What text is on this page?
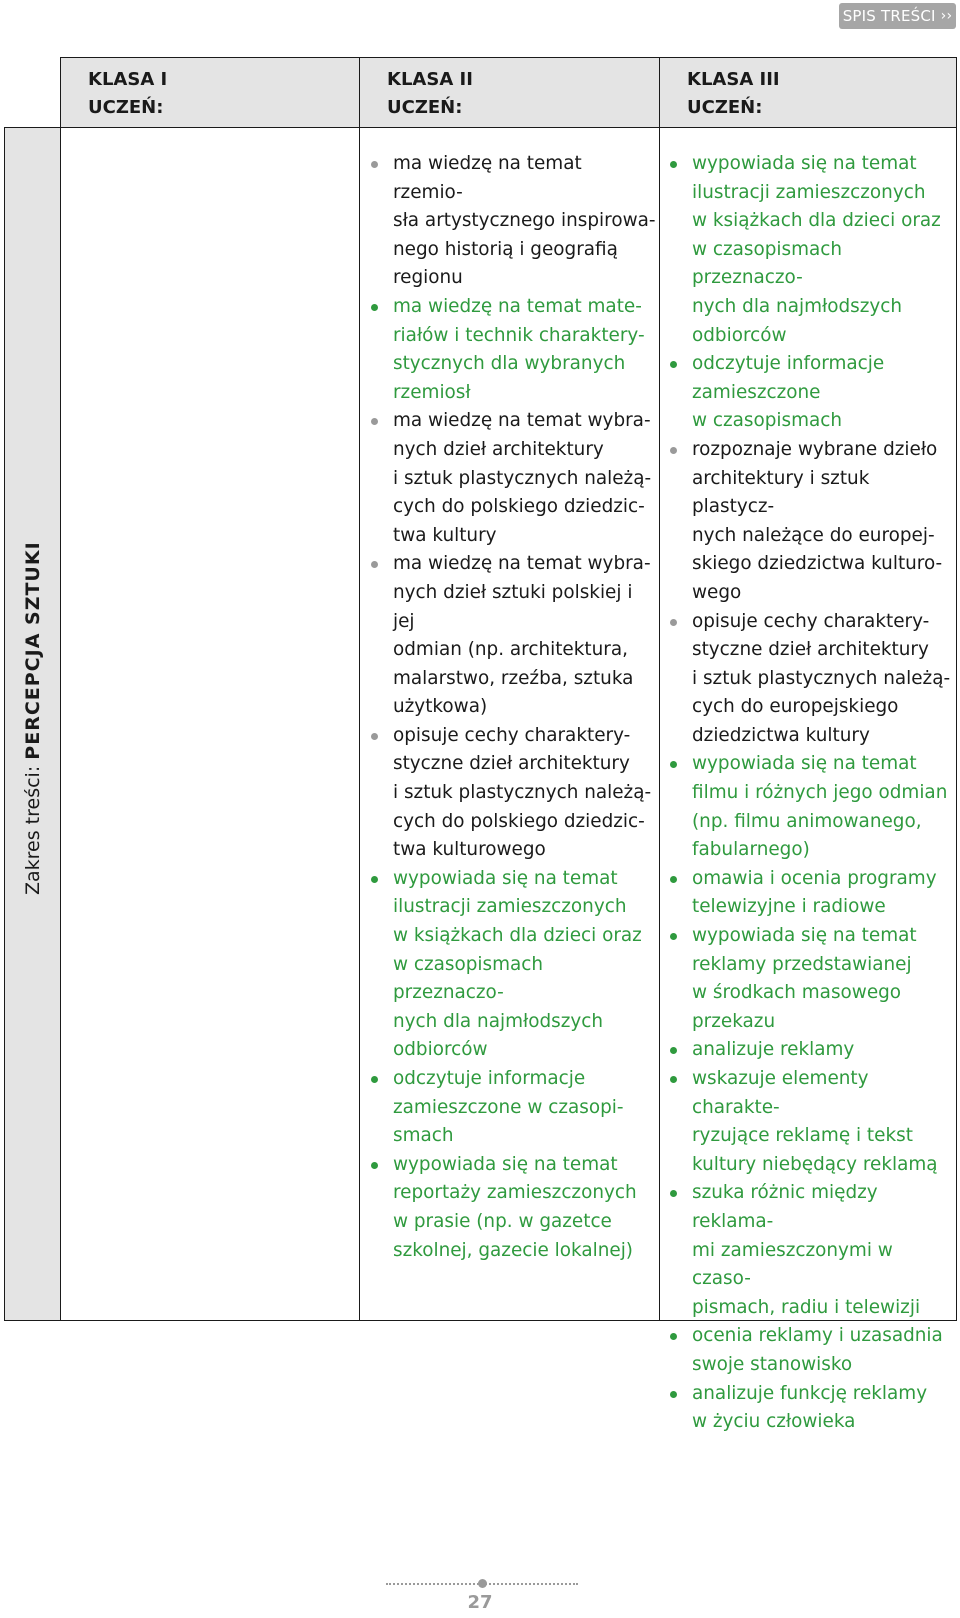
SPIS TREŚCI ››
KLASA I
UCZEŃ:
KLASA II
UCZEŃ:
KLASA III
UCZEŃ:
Zakres treści: PERCEPCJA SZTUKI
ma wiedzę na temat rzemio-
sła artystycznego inspirowa-
nego historią i geografią
regionu
ma wiedzę na temat mate-
riałów i technik charaktery-
stycznych dla wybranych
rzemiosł
ma wiedzę na temat wybra-
nych dzieł architektury
i sztuk plastycznych należą-
cych do polskiego dziedzic-
twa kultury
ma wiedzę na temat wybra-
nych dzieł sztuki polskiej i jej
odmian (np. architektura,
malarstwo, rzeźba, sztuka
użytkowa)
opisuje cechy charaktery-
styczne dzieł architektury
i sztuk plastycznych należą-
cych do polskiego dziedzic-
twa kulturowego
wypowiada się na temat
ilustracji zamieszczonych
w książkach dla dzieci oraz
w czasopismach przeznaczo-
nych dla najmłodszych
odbiorców
odczytuje informacje
zamieszczone w czasopi-
smach
wypowiada się na temat
reportaży zamieszczonych
w prasie (np. w gazetce
szkolnej, gazecie lokalnej)
wypowiada się na temat
ilustracji zamieszczonych
w książkach dla dzieci oraz
w czasopismach przeznaczo-
nych dla najmłodszych
odbiorców
odczytuje informacje
zamieszczone
w czasopismach
rozpoznaje wybrane dzieło
architektury i sztuk plastycz-
nych należące do europej-
skiego dziedzictwa kulturo-
wego
opisuje cechy charaktery-
styczne dzieł architektury
i sztuk plastycznych należą-
cych do europejskiego
dziedzictwa kultury
wypowiada się na temat
filmu i różnych jego odmian
(np. filmu animowanego,
fabularnego)
omawia i ocenia programy
telewizyjne i radiowe
wypowiada się na temat
reklamy przedstawianej
w środkach masowego
przekazu
analizuje reklamy
wskazuje elementy charakte-
ryzujące reklamę i tekst
kultury niebędący reklamą
szuka różnic między reklama-
mi zamieszczonymi w czaso-
pismach, radiu i telewizji
ocenia reklamy i uzasadnia
swoje stanowisko
analizuje funkcję reklamy
w życiu człowieka
27
